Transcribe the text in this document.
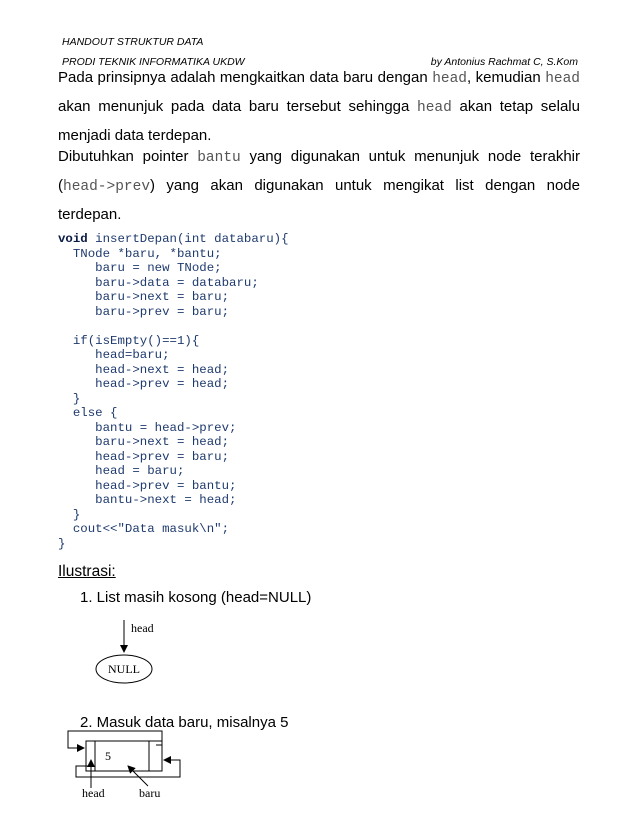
HANDOUT STRUKTUR DATA
PRODI TEKNIK INFORMATIKA UKDW	by Antonius Rachmat C, S.Kom

Pada prinsipnya adalah mengkaitkan data baru dengan head, kemudian head

akan menunjuk pada data baru tersebut sehingga head akan tetap selalu

menjadi data terdepan.

Dibutuhkan pointer bantu yang digunakan untuk menunjuk node terakhir

(head->prev) yang akan digunakan untuk mengikat list dengan node

terdepan.

void insertDepan(int databaru){
TNode *baru, *bantu;
baru = new TNode;
baru->data = databaru;
baru->next = baru;
baru->prev = baru;

if(isEmpty()==1){
head=baru;
head->next = head;
head->prev = head;
}
else {
bantu = head->prev;
baru->next = head;
head->prev = baru;
head = baru;
head->prev = bantu;
bantu->next = head;
}
cout<<"Data masuk\n";
}
Ilustrasi:
1. List masih kosong (head=NULL)
head
NULL
2. Masuk data baru, misalnya 5
5
head	baru
